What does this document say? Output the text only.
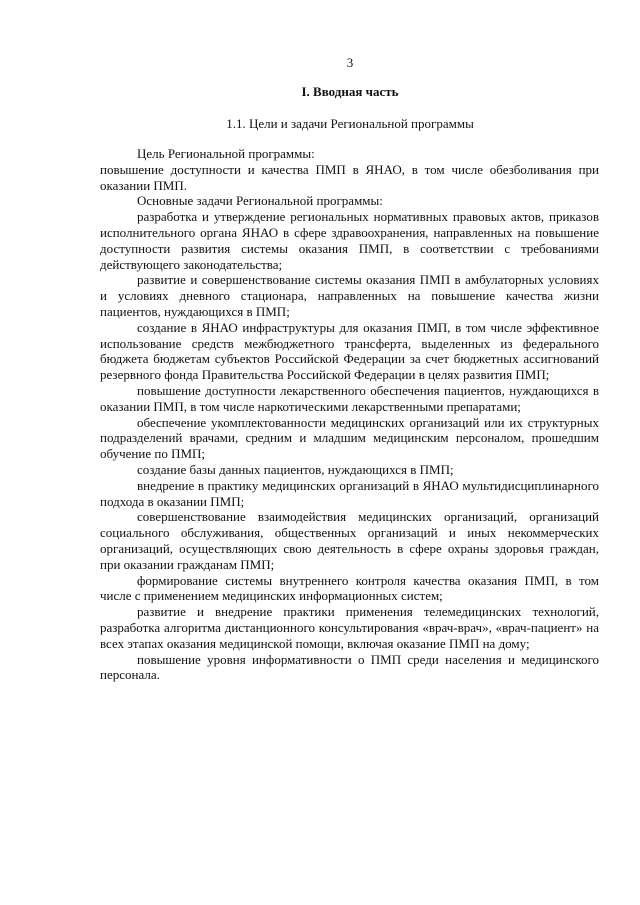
3
I. Вводная часть
1.1. Цели и задачи Региональной программы

Цель Региональной программы:

повышение доступности и качества ПМП в ЯНАО, в том числе обезболивания при оказании ПМП.

Основные задачи Региональной программы:

разработка и утверждение региональных нормативных правовых актов, приказов исполнительного органа ЯНАО в сфере здравоохранения, направленных на повышение доступности развития системы оказания ПМП, в соответствии с требованиями действующего законодательства;

развитие и совершенствование системы оказания ПМП в амбулаторных условиях и условиях дневного стационара, направленных на повышение качества жизни пациентов, нуждающихся в ПМП;

создание в ЯНАО инфраструктуры для оказания ПМП, в том числе эффективное использование средств межбюджетного трансферта, выделенных из федерального бюджета бюджетам субъектов Российской Федерации за счет бюджетных ассигнований резервного фонда Правительства Российской Федерации в целях развития ПМП;

повышение доступности лекарственного обеспечения пациентов, нуждающихся в оказании ПМП, в том числе наркотическими лекарственными препаратами;

обеспечение укомплектованности медицинских организаций или их структурных подразделений врачами, средним и младшим медицинским персоналом, прошедшим обучение по ПМП;

создание базы данных пациентов, нуждающихся в ПМП;

внедрение в практику медицинских организаций в ЯНАО мультидисциплинарного подхода в оказании ПМП;

совершенствование взаимодействия медицинских организаций, организаций социального обслуживания, общественных организаций и иных некоммерческих организаций, осуществляющих свою деятельность в сфере охраны здоровья граждан, при оказании гражданам ПМП;

формирование системы внутреннего контроля качества оказания ПМП, в том числе с применением медицинских информационных систем;

развитие и внедрение практики применения телемедицинских технологий, разработка алгоритма дистанционного консультирования «врач-врач», «врач-пациент» на всех этапах оказания медицинской помощи, включая оказание ПМП на дому;

повышение уровня информативности о ПМП среди населения и медицинского персонала.
